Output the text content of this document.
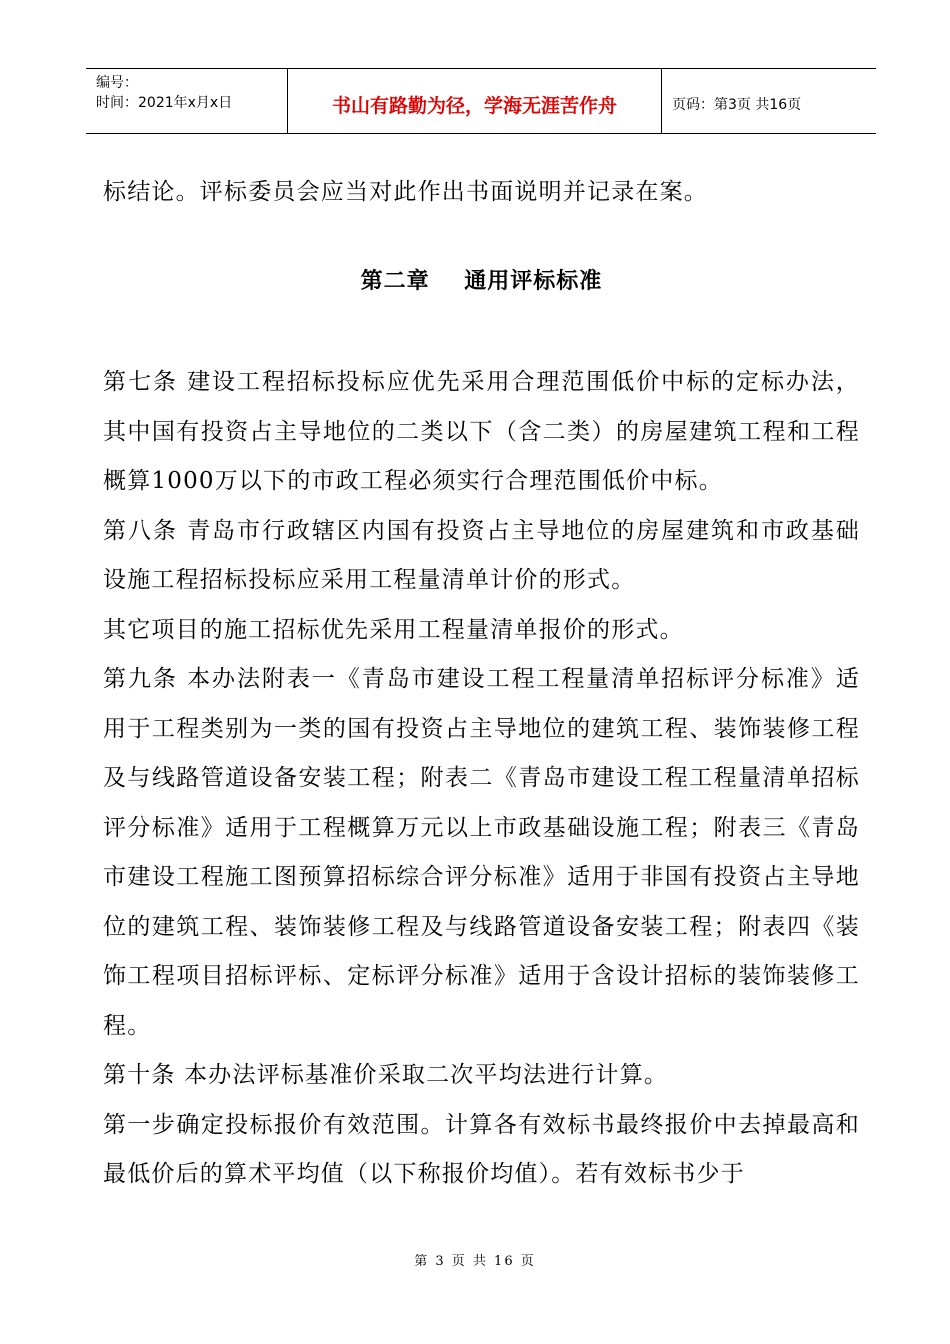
编号：
时间：2021年x月x日	书山有路勤为径，学海无涯苦作舟	页码：第3页 共16页

标结论。评标委员会应当对此作出书面说明并记录在案。

第二章    通用评标标准

第七条 建设工程招标投标应优先采用合理范围低价中标的定标办法，其中国有投资占主导地位的二类以下（含二类）的房屋建筑工程和工程概算1000万以下的市政工程必须实行合理范围低价中标。

第八条 青岛市行政辖区内国有投资占主导地位的房屋建筑和市政基础设施工程招标投标应采用工程量清单计价的形式。

其它项目的施工招标优先采用工程量清单报价的形式。

第九条 本办法附表一《青岛市建设工程工程量清单招标评分标准》适用于工程类别为一类的国有投资占主导地位的建筑工程、装饰装修工程及与线路管道设备安装工程；附表二《青岛市建设工程工程量清单招标评分标准》适用于工程概算万元以上市政基础设施工程；附表三《青岛市建设工程施工图预算招标综合评分标准》适用于非国有投资占主导地位的建筑工程、装饰装修工程及与线路管道设备安装工程；附表四《装饰工程项目招标评标、定标评分标准》适用于含设计招标的装饰装修工程。

第十条 本办法评标基准价采取二次平均法进行计算。

第一步确定投标报价有效范围。计算各有效标书最终报价中去掉最高和最低价后的算术平均值（以下称报价均值）。若有效标书少于

第 3 页 共 16 页
